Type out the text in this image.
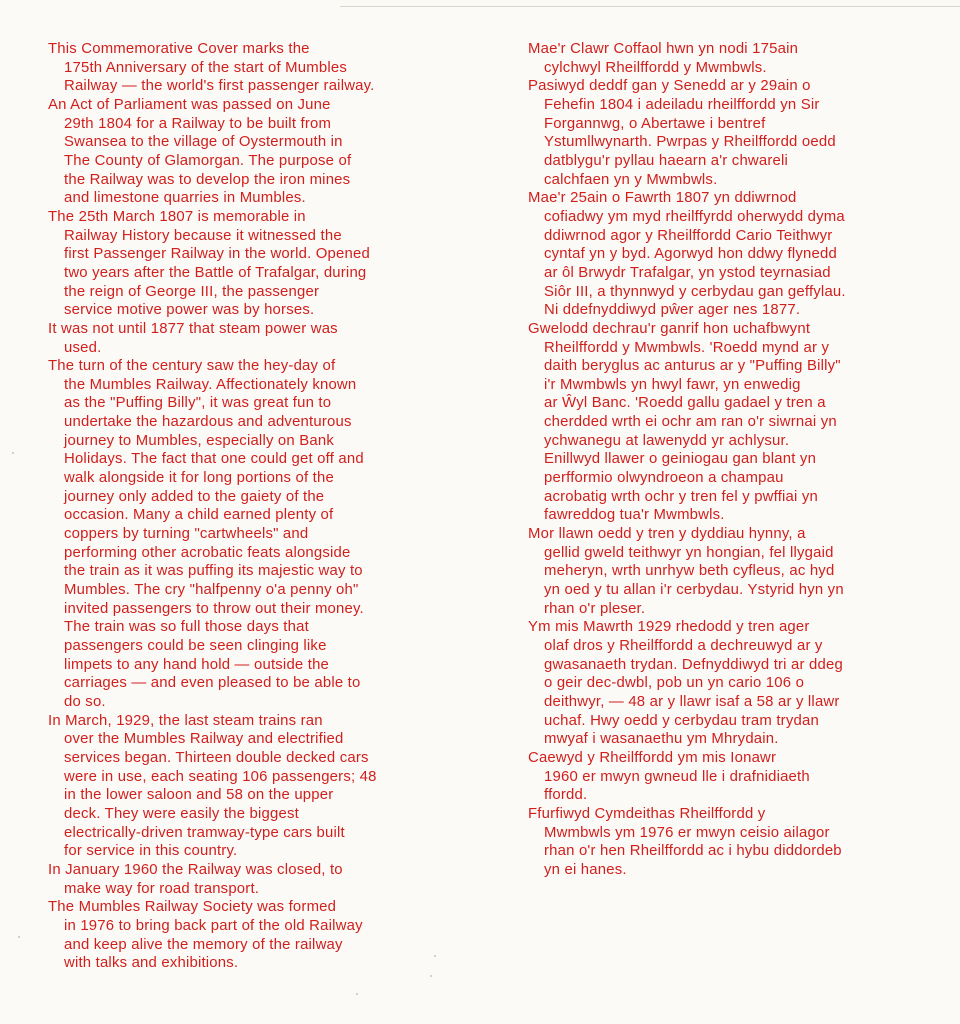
This Commemorative Cover marks the
175th Anniversary of the start of Mumbles
Railway — the world's first passenger railway.

An Act of Parliament was passed on June
29th 1804 for a Railway to be built from
Swansea to the village of Oystermouth in
The County of Glamorgan. The purpose of
the Railway was to develop the iron mines
and limestone quarries in Mumbles.

The 25th March 1807 is memorable in
Railway History because it witnessed the
first Passenger Railway in the world. Opened
two years after the Battle of Trafalgar, during
the reign of George III, the passenger
service motive power was by horses.

It was not until 1877 that steam power was
used.

The turn of the century saw the hey-day of
the Mumbles Railway. Affectionately known
as the "Puffing Billy", it was great fun to
undertake the hazardous and adventurous
journey to Mumbles, especially on Bank
Holidays. The fact that one could get off and
walk alongside it for long portions of the
journey only added to the gaiety of the
occasion. Many a child earned plenty of
coppers by turning "cartwheels" and
performing other acrobatic feats alongside
the train as it was puffing its majestic way to
Mumbles. The cry "halfpenny o'a penny oh"
invited passengers to throw out their money.
The train was so full those days that
passengers could be seen clinging like
limpets to any hand hold — outside the
carriages — and even pleased to be able to
do so.

In March, 1929, the last steam trains ran
over the Mumbles Railway and electrified
services began. Thirteen double decked cars
were in use, each seating 106 passengers; 48
in the lower saloon and 58 on the upper
deck. They were easily the biggest
electrically-driven tramway-type cars built
for service in this country.

In January 1960 the Railway was closed, to
make way for road transport.

The Mumbles Railway Society was formed
in 1976 to bring back part of the old Railway
and keep alive the memory of the railway
with talks and exhibitions.

Mae'r Clawr Coffaol hwn yn nodi 175ain
cylchwyl Rheilffordd y Mwmbwls.

Pasiwyd deddf gan y Senedd ar y 29ain o
Fehefin 1804 i adeiladu rheilffordd yn Sir
Forgannwg, o Abertawe i bentref
Ystumllwynarth. Pwrpas y Rheilffordd oedd
datblygu'r pyllau haearn a'r chwareli
calchfaen yn y Mwmbwls.

Mae'r 25ain o Fawrth 1807 yn ddiwrnod
cofiadwy ym myd rheilffyrdd oherwydd dyma
ddiwrnod agor y Rheilffordd Cario Teithwyr
cyntaf yn y byd. Agorwyd hon ddwy flynedd
ar ôl Brwydr Trafalgar, yn ystod teyrnasiad
Siôr III, a thynnwyd y cerbydau gan geffylau.
Ni ddefnyddiwyd pŵer ager nes 1877.

Gwelodd dechrau'r ganrif hon uchafbwynt
Rheilffordd y Mwmbwls. 'Roedd mynd ar y
daith beryglus ac anturus ar y "Puffing Billy"
i'r Mwmbwls yn hwyl fawr, yn enwedig
ar Ŵyl Banc. 'Roedd gallu gadael y tren a
cherdded wrth ei ochr am ran o'r siwrnai yn
ychwanegu at lawenydd yr achlysur.
Enillwyd llawer o geiniogau gan blant yn
perfformio olwyndroeon a champau
acrobatig wrth ochr y tren fel y pwffiai yn
fawreddog tua'r Mwmbwls.

Mor llawn oedd y tren y dyddiau hynny, a
gellid gweld teithwyr yn hongian, fel llygaid
meheryn, wrth unrhyw beth cyfleus, ac hyd
yn oed y tu allan i'r cerbydau. Ystyrid hyn yn
rhan o'r pleser.

Ym mis Mawrth 1929 rhedodd y tren ager
olaf dros y Rheilffordd a dechreuwyd ar y
gwasanaeth trydan. Defnyddiwyd tri ar ddeg
o geir dec-dwbl, pob un yn cario 106 o
deithwyr, — 48 ar y llawr isaf a 58 ar y llawr
uchaf. Hwy oedd y cerbydau tram trydan
mwyaf i wasanaethu ym Mhrydain.

Caewyd y Rheilffordd ym mis Ionawr
1960 er mwyn gwneud lle i drafnidiaeth
ffordd.

Ffurfiwyd Cymdeithas Rheilffordd y
Mwmbwls ym 1976 er mwyn ceisio ailagor
rhan o'r hen Rheilffordd ac i hybu diddordeb
yn ei hanes.
